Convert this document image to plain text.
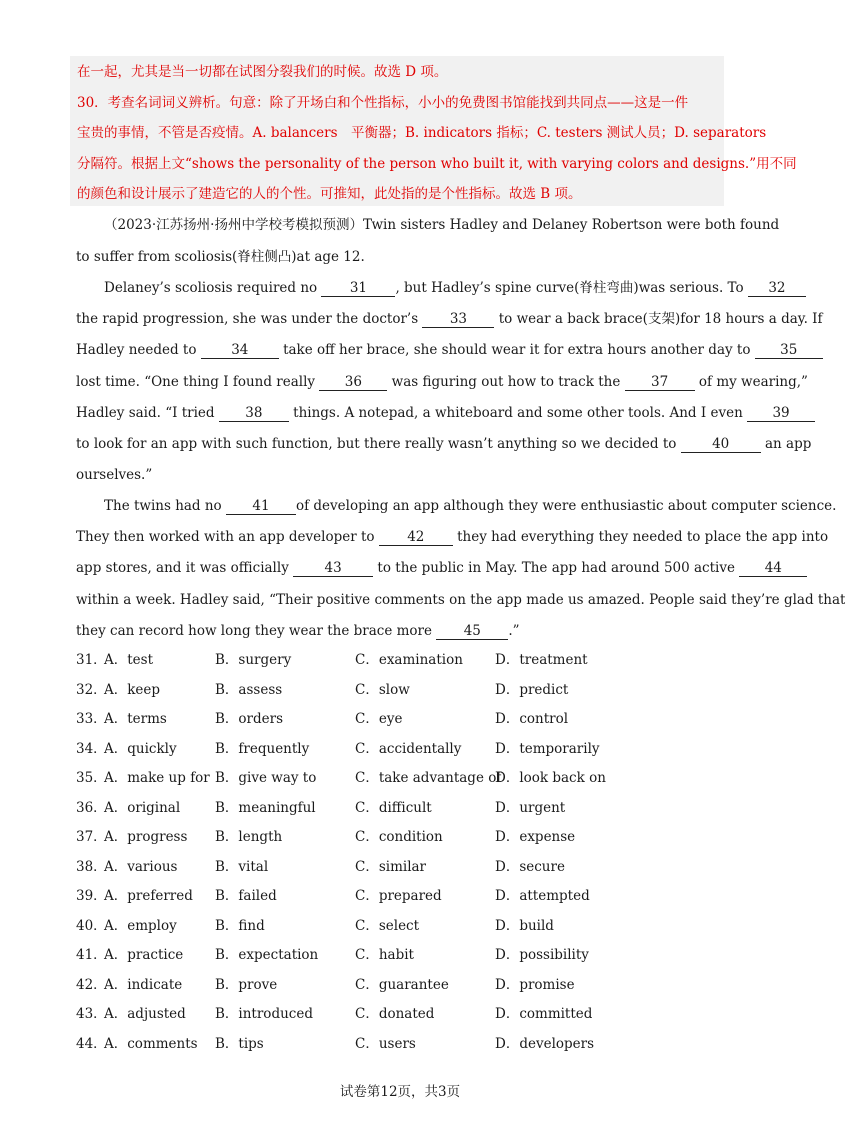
在一起，尤其是当一切都在试图分裂我们的时候。故选 D 项。
30．考查名词词义辨析。句意：除了开场白和个性指标，小小的免费图书馆能找到共同点——这是一件
宝贵的事情，不管是否疫情。A. balancers　平衡器；B. indicators 指标；C. testers 测试人员；D. separators
分隔符。根据上文“shows the personality of the person who built it, with varying colors and designs.”用不同
的颜色和设计展示了建造它的人的个性。可推知，此处指的是个性指标。故选 B 项。
（2023·江苏扬州·扬州中学校考模拟预测）Twin sisters Hadley and Delaney Robertson were both found
to suffer from scoliosis(脊柱侧凸)at age 12.
Delaney’s scoliosis required no 31 , but Hadley’s spine curve(脊柱弯曲)was serious. To 32
the rapid progression, she was under the doctor’s 33 to wear a back brace(支架)for 18 hours a day. If
Hadley needed to	34	take off her brace, she should wear it for extra hours another day to 35
lost time. “One thing I found really 36 was figuring out how to track the 37 of my wearing,”
Hadley said. “I tried 38 things. A notepad, a whiteboard and some other tools. And I even 39
to look for an app with such function, but there really wasn’t anything so we decided to	40	an app
ourselves.”
The twins had no 41 of developing an app although they were enthusiastic about computer science.
They then worked with an app developer to 42 they had everything they needed to place the app into
app stores, and it was officially	43	to the public in May. The app had around 500 active 44
within a week. Hadley said, “Their positive comments on the app made us amazed. People said they’re glad that
they can record how long they wear the brace more 45 .”
31．
A．test	B．surgery	C．examination D．treatment
32．
A．keep	B．assess	C．slow	D．predict
33．
A．terms	B．orders	C．eye	D．control
34．
A．quickly	B．frequently	C．accidentally D．temporarily
35．
A．make up for B．give way to	C．take advantage of
D．look back on
36．
A．original	B．meaningful	C．difficult	D．urgent
37．
A．progress B．length	C．condition	D．expense
38．
A．various	B．vital	C．similar	D．secure
39．
A．preferred B．failed	C．prepared	D．attempted
40．
A．employ	B．find	C．select	D．build
41．
A．practice B．expectation	C．habit	D．possibility
42．
A．indicate B．prove	C．guarantee	D．promise
43．
A．adjusted B．introduced	C．donated	D．committed
44．
A．comments B．tips	C．users	D．developers
试卷第12页，共3页
